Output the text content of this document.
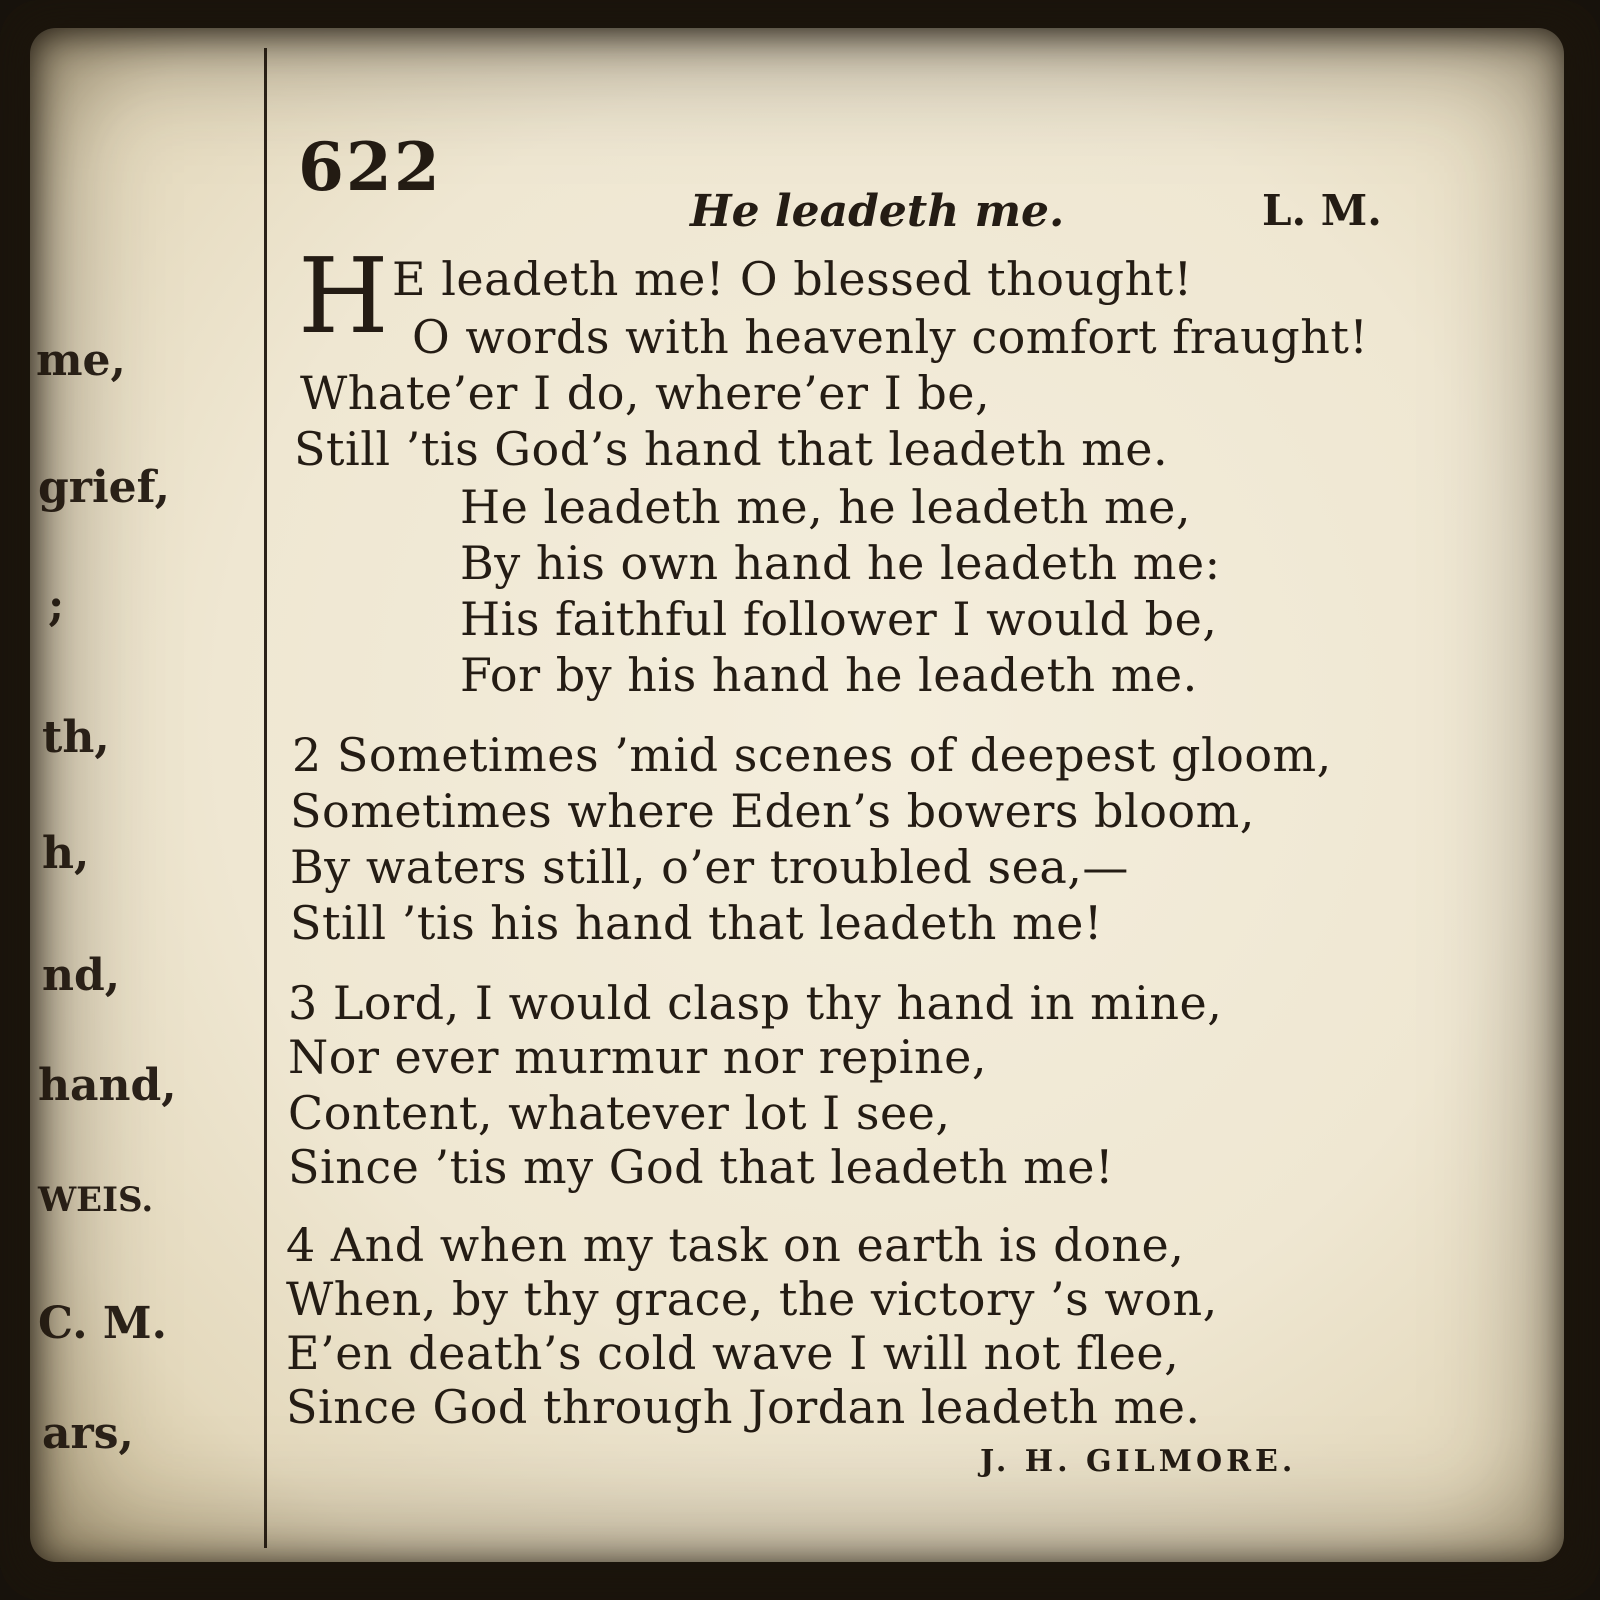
me,
grief,
;
th,
h,
nd,
hand,
WEIS.
C. M.
ars,
622
He leadeth me.	L. M.
H E leadeth me! O blessed thought!
O words with heavenly comfort fraught!
Whate’er I do, where’er I be,
Still ’tis God’s hand that leadeth me.
He leadeth me, he leadeth me,
By his own hand he leadeth me:
His faithful follower I would be,
For by his hand he leadeth me.
2 Sometimes ’mid scenes of deepest gloom,
Sometimes where Eden’s bowers bloom,
By waters still, o’er troubled sea,—
Still ’tis his hand that leadeth me!
3 Lord, I would clasp thy hand in mine,
Nor ever murmur nor repine,
Content, whatever lot I see,
Since ’tis my God that leadeth me!
4 And when my task on earth is done,
When, by thy grace, the victory ’s won,
E’en death’s cold wave I will not flee,
Since God through Jordan leadeth me.
J. H. GILMORE.
